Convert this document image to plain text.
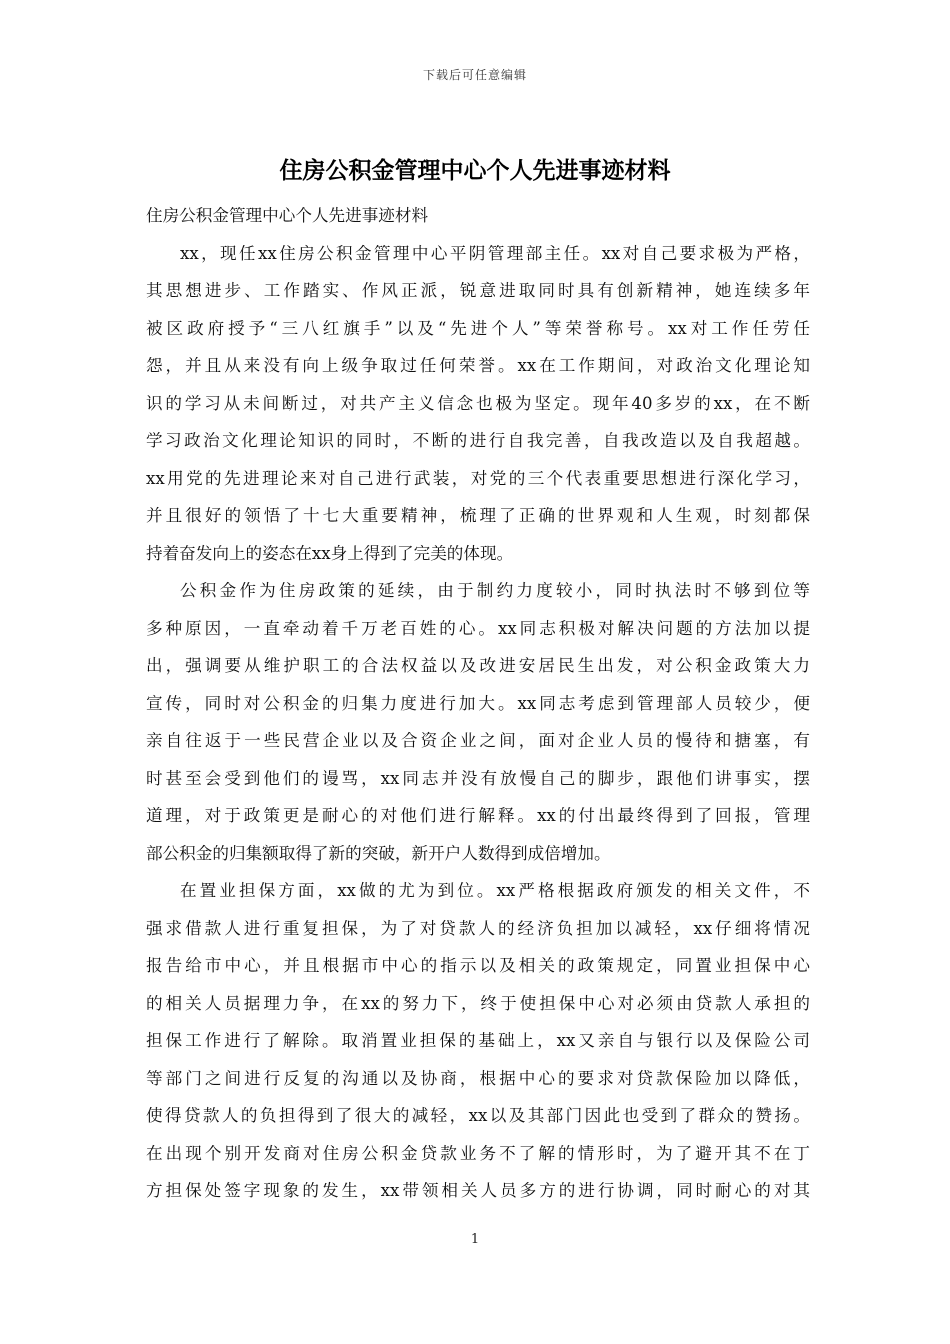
下载后可任意编辑
住房公积金管理中心个人先进事迹材料
住房公积金管理中心个人先进事迹材料
xx，现任xx住房公积金管理中心平阴管理部主任。xx对自己要求极为严格，
其思想进步、工作踏实、作风正派，锐意进取同时具有创新精神，她连续多年
被区政府授予“三八红旗手”以及“先进个人”等荣誉称号。xx对工作任劳任
怨，并且从来没有向上级争取过任何荣誉。xx在工作期间，对政治文化理论知
识的学习从未间断过，对共产主义信念也极为坚定。现年40多岁的xx，在不断
学习政治文化理论知识的同时，不断的进行自我完善，自我改造以及自我超越。
xx用党的先进理论来对自己进行武装，对党的三个代表重要思想进行深化学习，
并且很好的领悟了十七大重要精神，梳理了正确的世界观和人生观，时刻都保
持着奋发向上的姿态在xx身上得到了完美的体现。
公积金作为住房政策的延续，由于制约力度较小，同时执法时不够到位等
多种原因，一直牵动着千万老百姓的心。xx同志积极对解决问题的方法加以提
出，强调要从维护职工的合法权益以及改进安居民生出发，对公积金政策大力
宣传，同时对公积金的归集力度进行加大。xx同志考虑到管理部人员较少，便
亲自往返于一些民营企业以及合资企业之间，面对企业人员的慢待和搪塞，有
时甚至会受到他们的谩骂，xx同志并没有放慢自己的脚步，跟他们讲事实，摆
道理，对于政策更是耐心的对他们进行解释。xx的付出最终得到了回报，管理
部公积金的归集额取得了新的突破，新开户人数得到成倍增加。
在置业担保方面，xx做的尤为到位。xx严格根据政府颁发的相关文件，不
强求借款人进行重复担保，为了对贷款人的经济负担加以减轻，xx仔细将情况
报告给市中心，并且根据市中心的指示以及相关的政策规定，同置业担保中心
的相关人员据理力争，在xx的努力下，终于使担保中心对必须由贷款人承担的
担保工作进行了解除。取消置业担保的基础上，xx又亲自与银行以及保险公司
等部门之间进行反复的沟通以及协商，根据中心的要求对贷款保险加以降低，
使得贷款人的负担得到了很大的减轻，xx以及其部门因此也受到了群众的赞扬。
在出现个别开发商对住房公积金贷款业务不了解的情形时，为了避开其不在丁
方担保处签字现象的发生，xx带领相关人员多方的进行协调，同时耐心的对其
1
